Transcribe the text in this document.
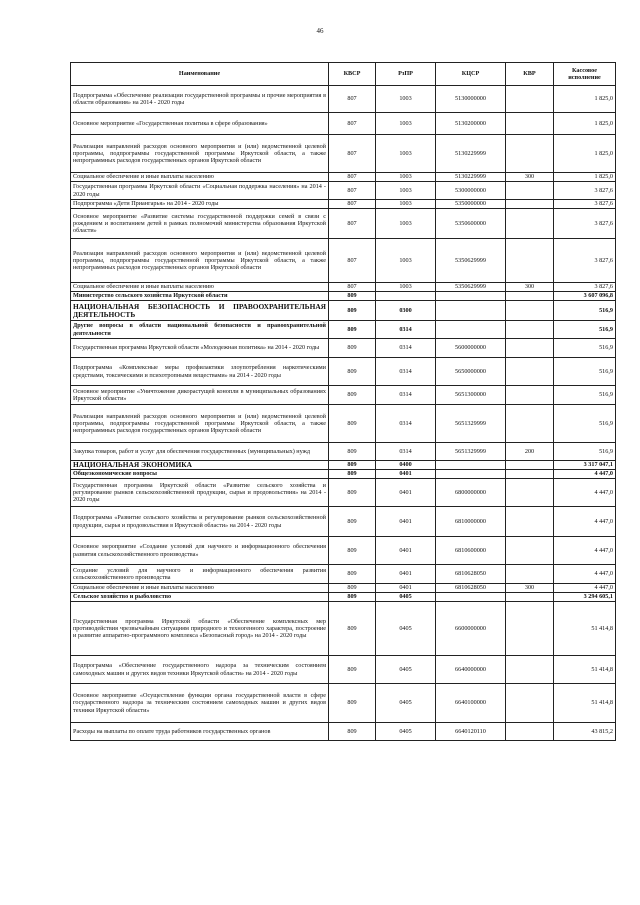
46
Наименование	КВСР	РзПР	КЦСР	КВР	Кассовое исполнение
Подпрограмма «Обеспечение реализации государственной программы и прочие мероприятия в области образования» на 2014 - 2020 годы	807	1003	5130000000		1 825,0
Основное мероприятие «Государственная политика в сфере образования»	807	1003	5130200000		1 825,0
Реализация направлений расходов основного мероприятия и (или) ведомственной целевой программы, подпрограммы государственной программы Иркутской области, а также непрограммных расходов государственных органов Иркутской области	807	1003	5130229999		1 825,0
Социальное обеспечение и иные выплаты населению	807	1003	5130229999	300	1 825,0
Государственная программа Иркутской области «Социальная поддержка населения» на 2014 - 2020 годы	807	1003	5300000000		3 827,6
Подпрограмма «Дети Приангарья» на 2014 - 2020 годы	807	1003	5350000000		3 827,6
Основное мероприятие «Развитие системы государственной поддержки семей в связи с рождением и воспитанием детей в рамках полномочий министерства образования Иркутской области»	807	1003	5350600000		3 827,6
Реализация направлений расходов основного мероприятия и (или) ведомственной целевой программы, подпрограммы государственной программы Иркутской области, а также непрограммных расходов государственных органов Иркутской области	807	1003	5350629999		3 827,6
Социальное обеспечение и иные выплаты населению	807	1003	5350629999	300	3 827,6
Министерство сельского хозяйства Иркутской области	809				3 607 096,8
НАЦИОНАЛЬНАЯ БЕЗОПАСНОСТЬ И ПРАВООХРАНИТЕЛЬНАЯ ДЕЯТЕЛЬНОСТЬ	809	0300			516,9
Другие вопросы в области национальной безопасности и правоохранительной деятельности	809	0314			516,9
Государственная программа Иркутской области «Молодежная политика» на 2014 - 2020 годы	809	0314	5600000000		516,9
Подпрограмма «Комплексные меры профилактики злоупотребления наркотическими средствами, токсическими и психотропными веществами» на 2014 - 2020 годы	809	0314	5650000000		516,9
Основное мероприятие «Уничтожение дикорастущей конопли в муниципальных образованиях Иркутской области»	809	0314	5651300000		516,9
Реализация направлений расходов основного мероприятия и (или) ведомственной целевой программы, подпрограммы государственной программы Иркутской области, а также непрограммных расходов государственных органов Иркутской области	809	0314	5651329999		516,9
Закупка товаров, работ и услуг для обеспечения государственных (муниципальных) нужд	809	0314	5651329999	200	516,9
НАЦИОНАЛЬНАЯ ЭКОНОМИКА	809	0400			3 317 047,1
Общеэкономические вопросы	809	0401			4 447,0
Государственная программа Иркутской области «Развитие сельского хозяйства и регулирование рынков сельскохозяйственной продукции, сырья и продовольствия» на 2014 - 2020 годы	809	0401	6800000000		4 447,0
Подпрограмма «Развитие сельского хозяйства и регулирование рынков сельскохозяйственной продукции, сырья и продовольствия в Иркутской области» на 2014 - 2020 годы	809	0401	6810000000		4 447,0
Основное мероприятие «Создание условий для научного и информационного обеспечения развития сельскохозяйственного производства»	809	0401	6810600000		4 447,0
Создание условий для научного и информационного обеспечения развития сельскохозяйственного производства	809	0401	6810628050		4 447,0
Социальное обеспечение и иные выплаты населению	809	0401	6810628050	300	4 447,0
Сельское хозяйство и рыболовство	809	0405			3 294 605,1
Государственная программа Иркутской области «Обеспечение комплексных мер противодействия чрезвычайным ситуациям природного и техногенного характера, построение и развитие аппаратно-программного комплекса «Безопасный город» на 2014 - 2020 годы	809	0405	6600000000		51 414,8
Подпрограмма «Обеспечение государственного надзора за техническим состоянием самоходных машин и других видов техники Иркутской области» на 2014 - 2020 годы	809	0405	6640000000		51 414,8
Основное мероприятие «Осуществление функции органа государственной власти в сфере государственного надзора за техническим состоянием самоходных машин и других видов техники Иркутской области»	809	0405	6640100000		51 414,8
Расходы на выплаты по оплате труда работников государственных органов	809	0405	6640120110		43 815,2
